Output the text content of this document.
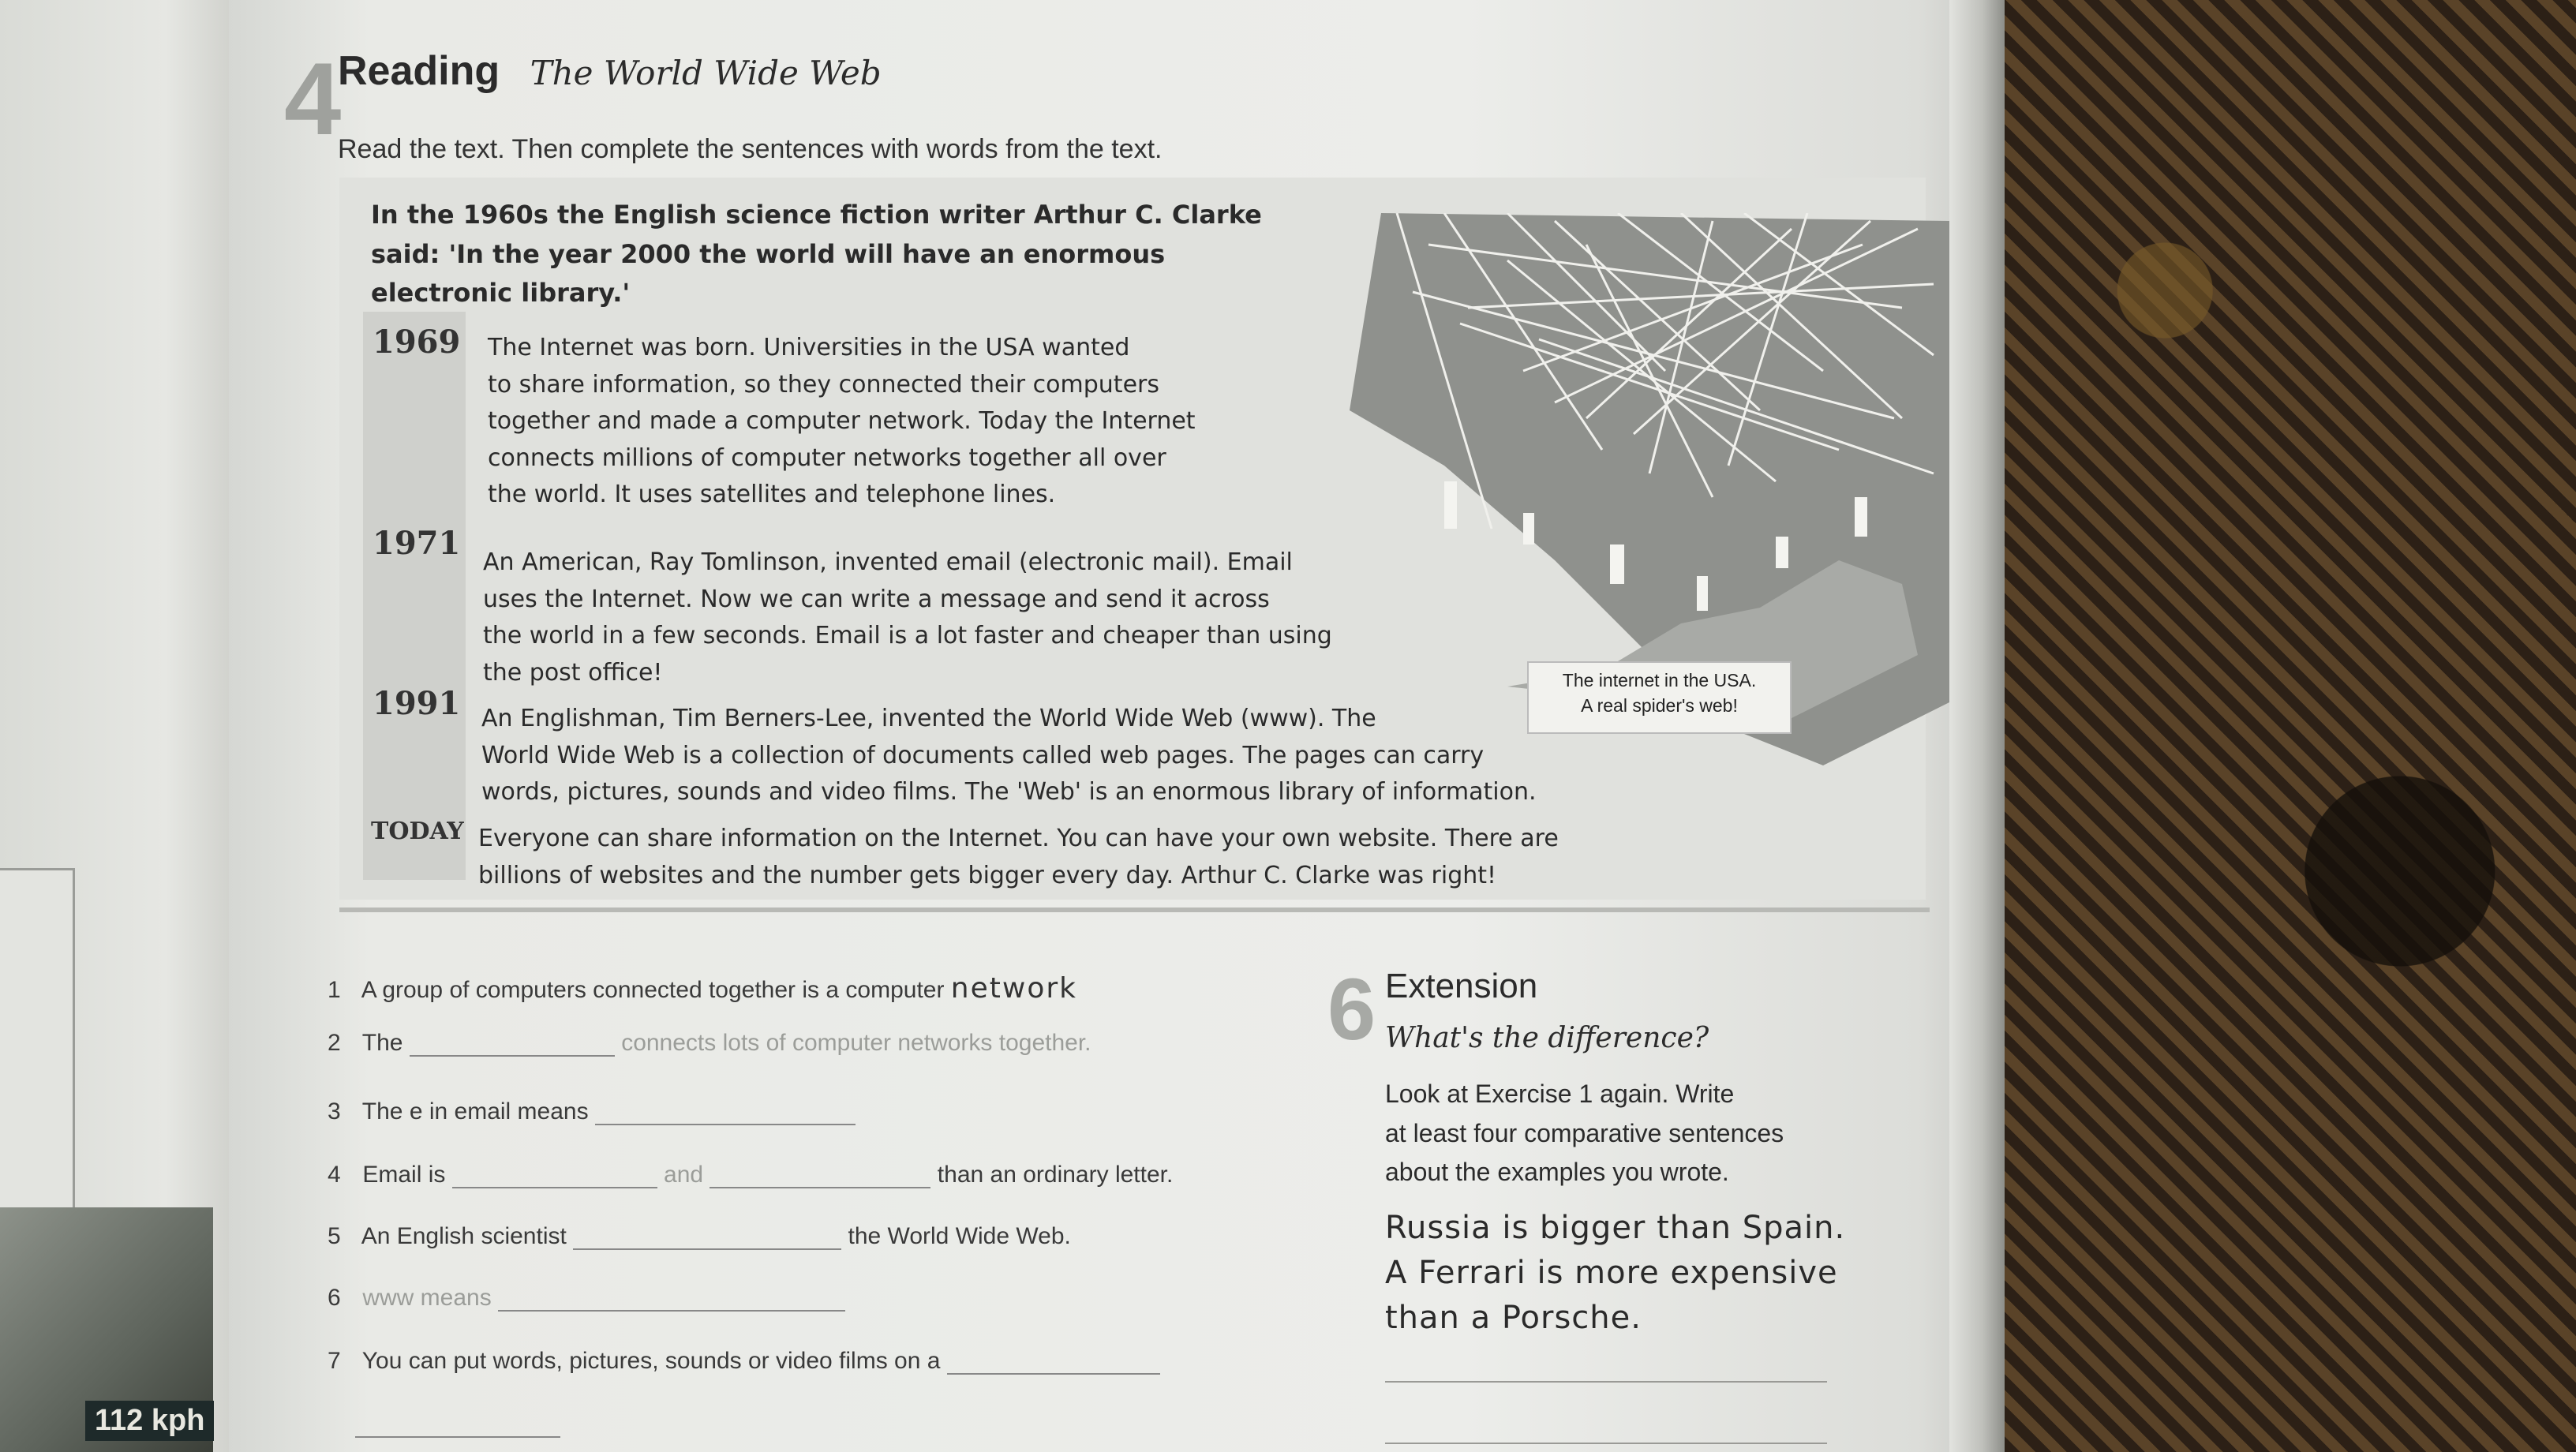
112 kph
4
Reading The World Wide Web
Read the text. Then complete the sentences with words from the text.
The internet in the USA.
A real spider's web!
In the 1960s the English science fiction writer Arthur C. Clarke
said: 'In the year 2000 the world will have an enormous
electronic library.'
1969 The Internet was born. Universities in the USA wanted
to share information, so they connected their computers
together and made a computer network. Today the Internet
connects millions of computer networks together all over
the world. It uses satellites and telephone lines.
1971
An American, Ray Tomlinson, invented email (electronic mail). Email
uses the Internet. Now we can write a message and send it across
the world in a few seconds. Email is a lot faster and cheaper than using
the post office!
1991 An Englishman, Tim Berners-Lee, invented the World Wide Web (www). The
World Wide Web is a collection of documents called web pages. The pages can carry
words, pictures, sounds and video films. The 'Web' is an enormous library of information.
TODAY Everyone can share information on the Internet. You can have your own website. There are
billions of websites and the number gets bigger every day. Arthur C. Clarke was right!
1 A group of computers connected together is a computer network
2 The	connects lots of computer networks together.
3 The e in email means
4 Email is	and	than an ordinary letter.
5 An English scientist	the World Wide Web.
6 www means
7 You can put words, pictures, sounds or video films on a
6 Extension
What's the difference?
Look at Exercise 1 again. Write
at least four comparative sentences
about the examples you wrote.
Russia is bigger than Spain.
A Ferrari is more expensive
than a Porsche.
